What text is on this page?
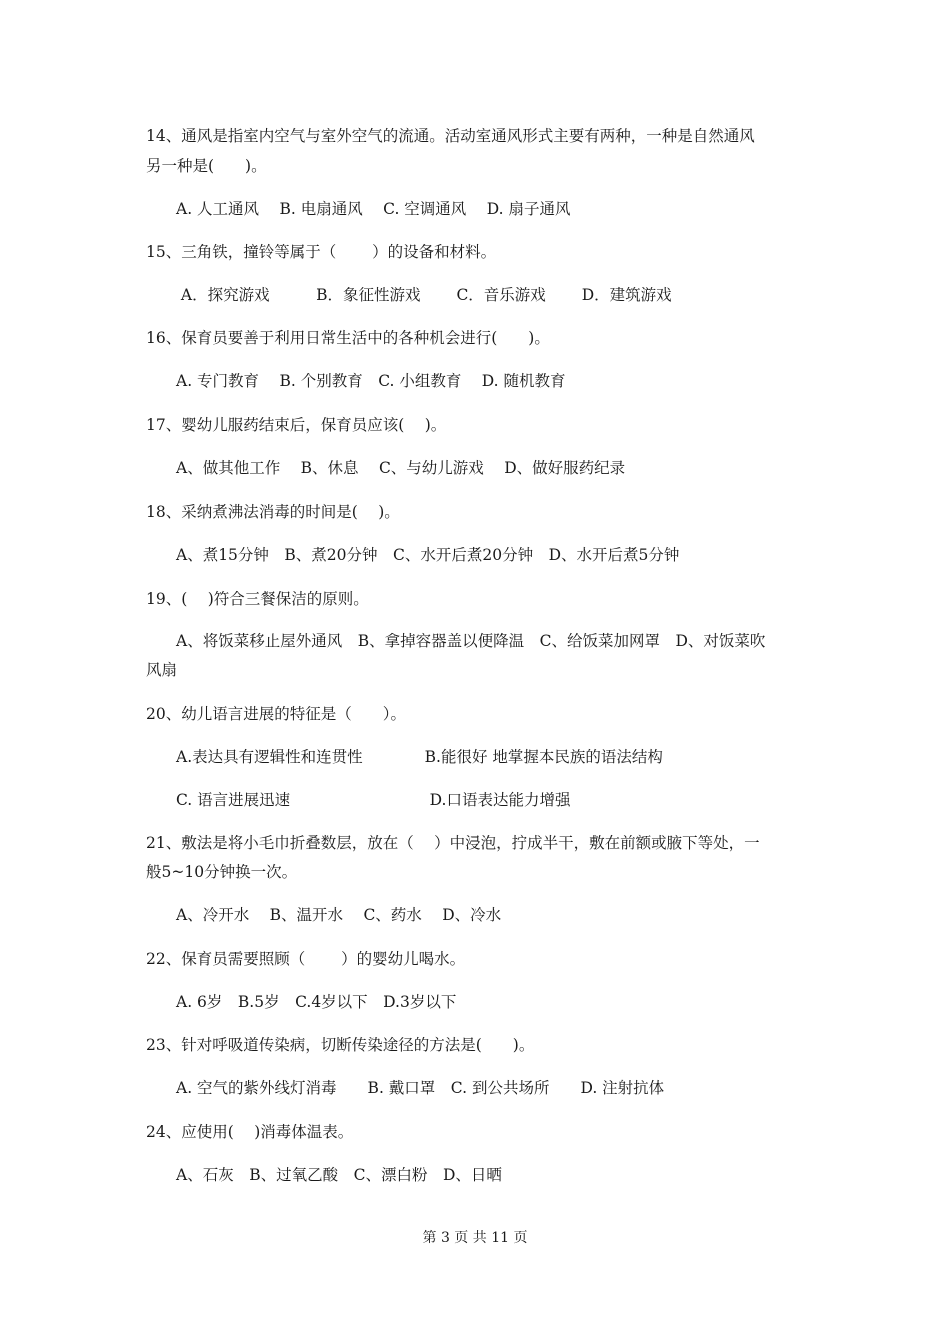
14、通风是指室内空气与室外空气的流通。活动室通风形式主要有两种，一种是自然通风
另一种是(　　)。
A. 人工通风　 B. 电扇通风　 C. 空调通风　 D. 扇子通风
15、三角铁，撞铃等属于（　　 ）的设备和材料。
A．探究游戏　　　B．象征性游戏　　 C．音乐游戏　　 D．建筑游戏
16、保育员要善于利用日常生活中的各种机会进行(　　)。
A. 专门教育　 B. 个别教育　C. 小组教育　 D. 随机教育
17、婴幼儿服药结束后，保育员应该(　 )。
A、做其他工作　 B、休息　 C、与幼儿游戏　 D、做好服药纪录
18、采纳煮沸法消毒的时间是(　 )。
A、煮15分钟　B、煮20分钟　C、水开后煮20分钟　D、水开后煮5分钟
19、(　 )符合三餐保洁的原则。
A、将饭菜移止屋外通风　B、拿掉容器盖以便降温　C、给饭菜加网罩　D、对饭菜吹
风扇
20、幼儿语言进展的特征是（　　）。
A.表达具有逻辑性和连贯性　　　　B.能很好 地掌握本民族的语法结构
C. 语言进展迅速　　　　　　　　　D.口语表达能力增强
21、敷法是将小毛巾折叠数层，放在（　 ）中浸泡，拧成半干，敷在前额或腋下等处，一
般5~10分钟换一次。
A、冷开水　 B、温开水　 C、药水　 D、冷水
22、保育员需要照顾（　　 ）的婴幼儿喝水。
A. 6岁　B.5岁　C.4岁以下　D.3岁以下
23、针对呼吸道传染病，切断传染途径的方法是(　　)。
A. 空气的紫外线灯消毒　　B. 戴口罩　C. 到公共场所　　D. 注射抗体
24、应使用(　 )消毒体温表。
A、石灰　B、过氧乙酸　C、漂白粉　D、日晒
第 3 页 共 11 页
